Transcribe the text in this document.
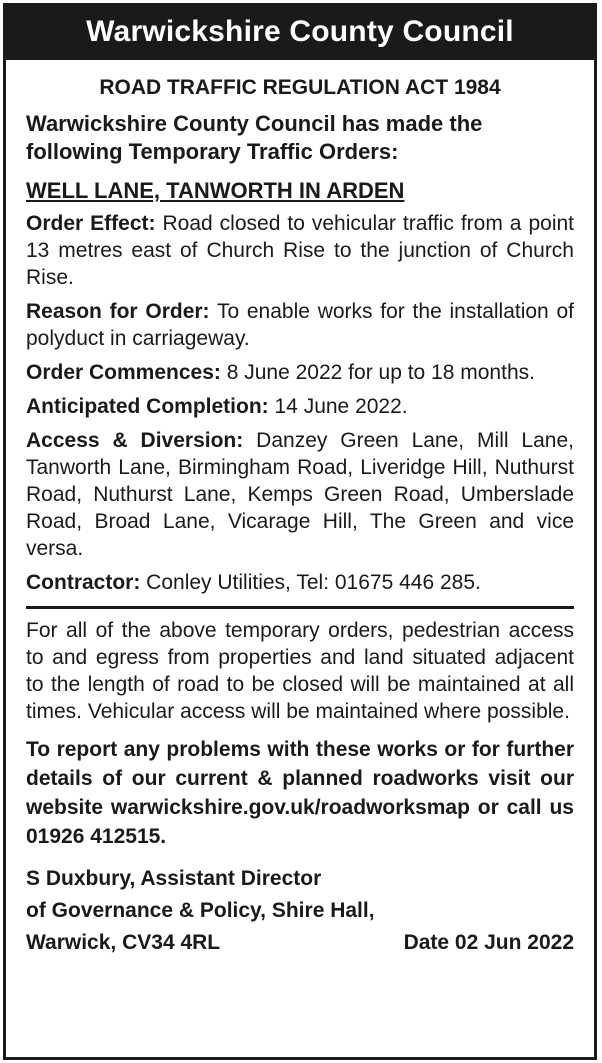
Warwickshire County Council
ROAD TRAFFIC REGULATION ACT 1984
Warwickshire County Council has made the following Temporary Traffic Orders:
WELL LANE, TANWORTH IN ARDEN
Order Effect: Road closed to vehicular traffic from a point 13 metres east of Church Rise to the junction of Church Rise.
Reason for Order: To enable works for the installation of polyduct in carriageway.
Order Commences: 8 June 2022 for up to 18 months.
Anticipated Completion: 14 June 2022.
Access & Diversion: Danzey Green Lane, Mill Lane, Tanworth Lane, Birmingham Road, Liveridge Hill, Nuthurst Road, Nuthurst Lane, Kemps Green Road, Umberslade Road, Broad Lane, Vicarage Hill, The Green and vice versa.
Contractor: Conley Utilities, Tel: 01675 446 285.
For all of the above temporary orders, pedestrian access to and egress from properties and land situated adjacent to the length of road to be closed will be maintained at all times. Vehicular access will be maintained where possible.
To report any problems with these works or for further details of our current & planned roadworks visit our website warwickshire.gov.uk/roadworksmap or call us 01926 412515.
S Duxbury, Assistant Director
of Governance & Policy, Shire Hall,
Warwick, CV34 4RL	Date 02 Jun 2022
